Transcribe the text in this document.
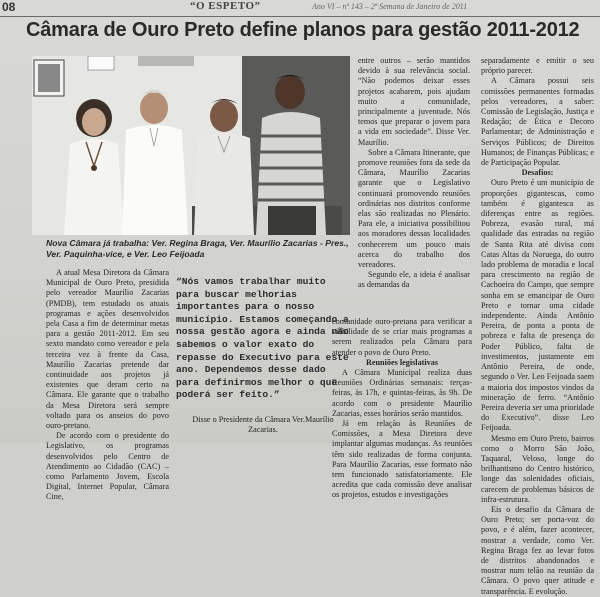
08	“O ESPETO”	Ano VI – nº 143 – 2ª Semana de Janeiro de 2011
Câmara de Ouro Preto define planos para gestão 2011-2012
Nova Câmara já trabalha: Ver. Regina Braga, Ver. Maurílio Zacarias - Pres., Ver. Paquinha-vice, e Ver. Leo Feijoada

A atual Mesa Diretora da Câmara Municipal de Ouro Preto, presidida pelo vereador Maurílio Zacarias (PMDB), tem estudado os atuais programas e ações desenvolvidos pela Casa a fim de determinar metas para a gestão 2011-2012. Em seu sexto mandato como vereador e pela terceira vez à frente da Casa, Maurílio Zacarias pretende dar continuidade aos projetos já existentes que deram certo na Câmara. Ele garante que o trabalho da Mesa Diretora será sempre voltado para os anseios do povo ouro-pretano.

De acordo com o presidente do Legislativo, os programas desenvolvidos pelo Centro de Atendimento ao Cidadão (CAC) – como Parlamento Jovem, Escola Digital, Internet Popular, Câmara Cine,

“Nós vamos trabalhar muito para buscar melhorias importantes para o nosso município. Estamos começando a nossa gestão agora e ainda não sabemos o valor exato do repasse do Executivo para este ano. Dependemos desse dado para definirmos melhor o que poderá ser feito.”
Disse o Presidente da Câmara Ver.Maurílio Zacarias.

entre outros – serão mantidos devido à sua relevância social. “Não podemos deixar esses projetos acabarem, pois ajudam muito a comunidade, principalmente a juventude. Nós temos que preparar o jovem para a vida em sociedade”. Disse Ver. Maurílio.

Sobre a Câmara Itinerante, que promove reuniões fora da sede da Câmara, Maurílio Zacarias garante que o Legislativo continuará promovendo reuniões ordinárias nos distritos conforme elas são realizadas no Plenário. Para ele, a iniciativa possibilitou aos moradores dessas localidades conhecerem um pouco mais acerca do trabalho dos vereadores.

Segundo ele, a ideia é analisar as demandas da

comunidade ouro-pretana para verificar a viabilidade de se criar mais programas a serem realizados pela Câmara para atender o povo de Ouro Preto.

Reuniões legislativas

A Câmara Municipal realiza duas Reuniões Ordinárias semanais: terças-feiras, às 17h, e quintas-feiras, às 9h. De acordo com o presidente Maurílio Zacarias, esses horários serão mantidos.

Já em relação às Reuniões de Comissões, a Mesa Diretora deve implantar algumas mudanças. As reuniões têm sido realizadas de forma conjunta. Para Maurílio Zacarias, esse formato não tem funcionado satisfatoriamente. Ele acredita que cada comissão deve analisar os projetos, estudos e investigações

separadamente e emitir o seu próprio parecer.

A Câmara possui seis comissões permanentes formadas pelos vereadores, a saber: Comissão de Legislação, Justiça e Redação; de Ética e Decoro Parlamentar; de Administração e Serviços Públicos; de Direitos Humanos; de Finanças Públicas; e de Participação Popular.

Desafios:

Ouro Preto é um município de proporções gigantescas, como também é gigantesca as diferenças entre as regiões. Pobreza, evasão rural, má qualidade das estradas na região de Santa Rita até divisa com Catas Altas da Noruega, do outro lado problema de moradia e local para crescimento na região de Cachoeira do Campo, que sempre sonha em se emancipar de Ouro Preto e tornar uma cidade independente. Ainda Antônio Pereira, de ponta a ponta de pobreza e falta de presença do Poder Público, falta de investimentos, justamente em Antônio Pereira, de onde, segundo o Ver. Leo Feijoada saem a maioria dos impostos vindos da mineração de ferro. “Antônio Pereira deveria ser uma prioridade do Executivo”. disse Leo Feijoada.

Mesmo em Ouro Preto, bairros como o Morro São João, Taquaral, Veloso, longe do brilhantismo do Centro histórico, longe das solenidades oficiais, carecem de problemas básicos de infra-estrutura.

Eis o desafio da Câmara de Ouro Preto; ser porta-voz do povo, e é além, fazer acontecer, mostrar a verdade, como Ver. Regina Braga fez ao levar fotos de distritos abandonados e mostrar num telão na reunião da Câmara. O povo quer atitude e transparência. E evolução.
